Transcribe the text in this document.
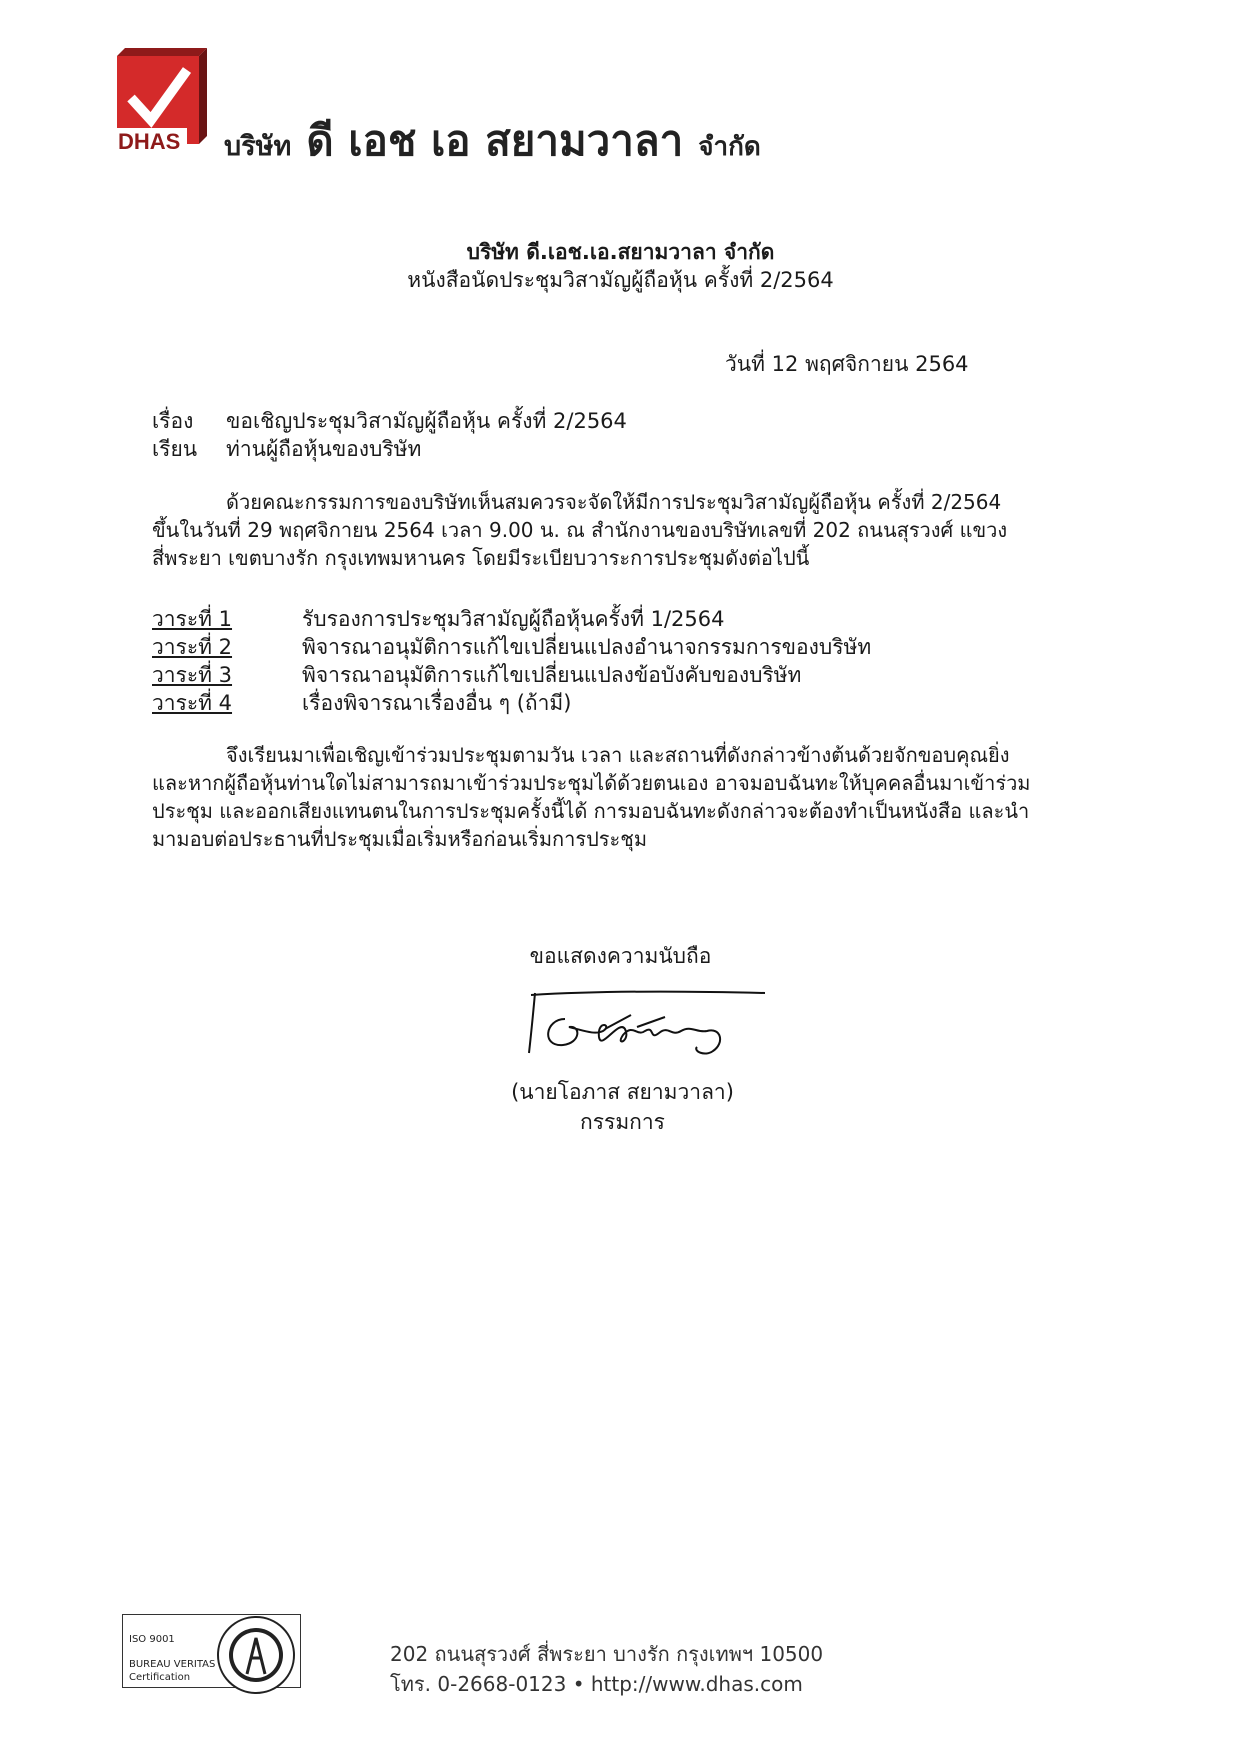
DHAS บริษัท ดี เอช เอ สยามวาลา จำกัด
บริษัท ดี.เอช.เอ.สยามวาลา จำกัด
หนังสือนัดประชุมวิสามัญผู้ถือหุ้น ครั้งที่ 2/2564
วันที่ 12 พฤศจิกายน 2564
เรื่อง ขอเชิญประชุมวิสามัญผู้ถือหุ้น ครั้งที่ 2/2564
เรียน ท่านผู้ถือหุ้นของบริษัท
ด้วยคณะกรรมการของบริษัทเห็นสมควรจะจัดให้มีการประชุมวิสามัญผู้ถือหุ้น ครั้งที่ 2/2564
ขึ้นในวันที่ 29 พฤศจิกายน 2564 เวลา 9.00 น. ณ สำนักงานของบริษัทเลขที่ 202 ถนนสุรวงศ์ แขวง
สี่พระยา เขตบางรัก กรุงเทพมหานคร โดยมีระเบียบวาระการประชุมดังต่อไปนี้
วาระที่ 1	รับรองการประชุมวิสามัญผู้ถือหุ้นครั้งที่ 1/2564
วาระที่ 2	พิจารณาอนุมัติการแก้ไขเปลี่ยนแปลงอำนาจกรรมการของบริษัท
วาระที่ 3	พิจารณาอนุมัติการแก้ไขเปลี่ยนแปลงข้อบังคับของบริษัท
วาระที่ 4	เรื่องพิจารณาเรื่องอื่น ๆ (ถ้ามี)
จึงเรียนมาเพื่อเชิญเข้าร่วมประชุมตามวัน เวลา และสถานที่ดังกล่าวข้างต้นด้วยจักขอบคุณยิ่ง
และหากผู้ถือหุ้นท่านใดไม่สามารถมาเข้าร่วมประชุมได้ด้วยตนเอง อาจมอบฉันทะให้บุคคลอื่นมาเข้าร่วม
ประชุม และออกเสียงแทนตนในการประชุมครั้งนี้ได้ การมอบฉันทะดังกล่าวจะต้องทำเป็นหนังสือ และนำ
มามอบต่อประธานที่ประชุมเมื่อเริ่มหรือก่อนเริ่มการประชุม
ขอแสดงความนับถือ
(นายโอภาส สยามวาลา)
กรรมการ
ISO 9001
BUREAU VERITAS
Certification
202 ถนนสุรวงศ์ สี่พระยา บางรัก กรุงเทพฯ 10500
โทร. 0-2668-0123 • http://www.dhas.com
